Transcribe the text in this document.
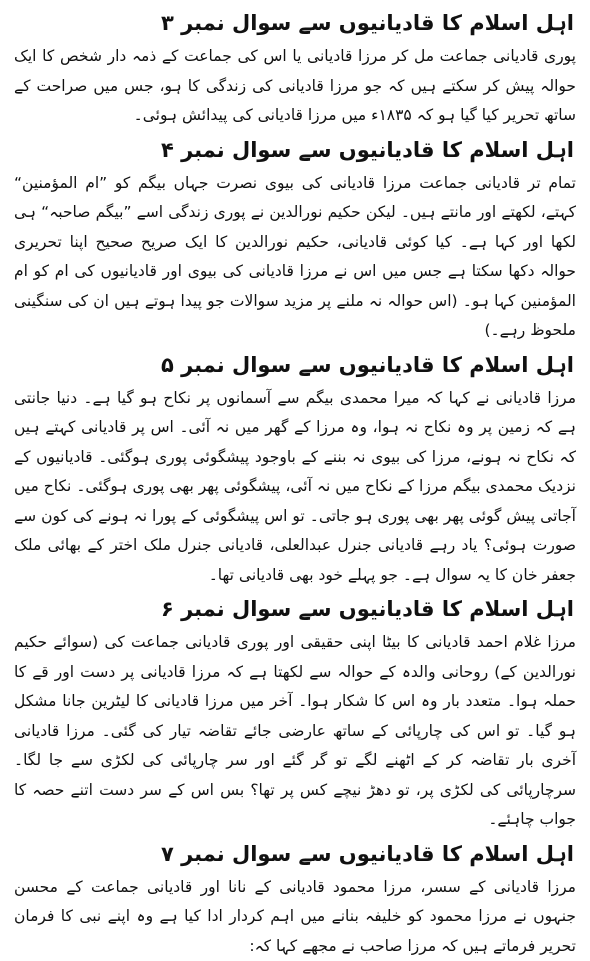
اہل اسلام کا قادیانیوں سے سوال نمبر ۳

پوری قادیانی جماعت مل کر مرزا قادیانی یا اس کی جماعت کے ذمہ دار شخص کا ایک حوالہ پیش کر سکتے ہیں کہ جو مرزا قادیانی کی زندگی کا ہو، جس میں صراحت کے ساتھ تحریر کیا گیا ہو کہ ۱۸۳۵ء میں مرزا قادیانی کی پیدائش ہوئی۔

اہل اسلام کا قادیانیوں سے سوال نمبر ۴

تمام تر قادیانی جماعت مرزا قادیانی کی بیوی نصرت جہاں بیگم کو ”ام المؤمنین“ کہتے، لکھتے اور مانتے ہیں۔ لیکن حکیم نورالدین نے پوری زندگی اسے ”بیگم صاحبہ“ ہی لکھا اور کہا ہے۔ کیا کوئی قادیانی، حکیم نورالدین کا ایک صریح صحیح اپنا تحریری حوالہ دکھا سکتا ہے جس میں اس نے مرزا قادیانی کی بیوی اور قادیانیوں کی ام کو ام المؤمنین کہا ہو۔ (اس حوالہ نہ ملنے پر مزید سوالات جو پیدا ہوتے ہیں ان کی سنگینی ملحوظ رہے۔)

اہل اسلام کا قادیانیوں سے سوال نمبر ۵

مرزا قادیانی نے کہا کہ میرا محمدی بیگم سے آسمانوں پر نکاح ہو گیا ہے۔ دنیا جانتی ہے کہ زمین پر وہ نکاح نہ ہوا، وہ مرزا کے گھر میں نہ آئی۔ اس پر قادیانی کہتے ہیں کہ نکاح نہ ہونے، مرزا کی بیوی نہ بننے کے باوجود پیشگوئی پوری ہوگئی۔ قادیانیوں کے نزدیک محمدی بیگم مرزا کے نکاح میں نہ آئی، پیشگوئی پھر بھی پوری ہوگئی۔ نکاح میں آجاتی پیش گوئی پھر بھی پوری ہو جاتی۔ تو اس پیشگوئی کے پورا نہ ہونے کی کون سے صورت ہوئی؟ یاد رہے قادیانی جنرل عبدالعلی، قادیانی جنرل ملک اختر کے بھائی ملک جعفر خان کا یہ سوال ہے۔ جو پہلے خود بھی قادیانی تھا۔

اہل اسلام کا قادیانیوں سے سوال نمبر ۶

مرزا غلام احمد قادیانی کا بیٹا اپنی حقیقی اور پوری قادیانی جماعت کی (سوائے حکیم نورالدین کے) روحانی والدہ کے حوالہ سے لکھتا ہے کہ مرزا قادیانی پر دست اور قے کا حملہ ہوا۔ متعدد بار وہ اس کا شکار ہوا۔ آخر میں مرزا قادیانی کا لیٹرین جانا مشکل ہو گیا۔ تو اس کی چارپائی کے ساتھ عارضی جائے تقاضہ تیار کی گئی۔ مرزا قادیانی آخری بار تقاضہ کر کے اٹھنے لگے تو گر گئے اور سر چارپائی کی لکڑی سے جا لگا۔ سرچارپائی کی لکڑی پر، تو دھڑ نیچے کس پر تھا؟ بس اس کے سر دست اتنے حصہ کا جواب چاہئے۔

اہل اسلام کا قادیانیوں سے سوال نمبر ۷

مرزا قادیانی کے سسر، مرزا محمود قادیانی کے نانا اور قادیانی جماعت کے محسن جنہوں نے مرزا محمود کو خلیفہ بنانے میں اہم کردار ادا کیا ہے وہ اپنے نبی کا فرمان تحریر فرماتے ہیں کہ مرزا صاحب نے مجھے کہا کہ:
